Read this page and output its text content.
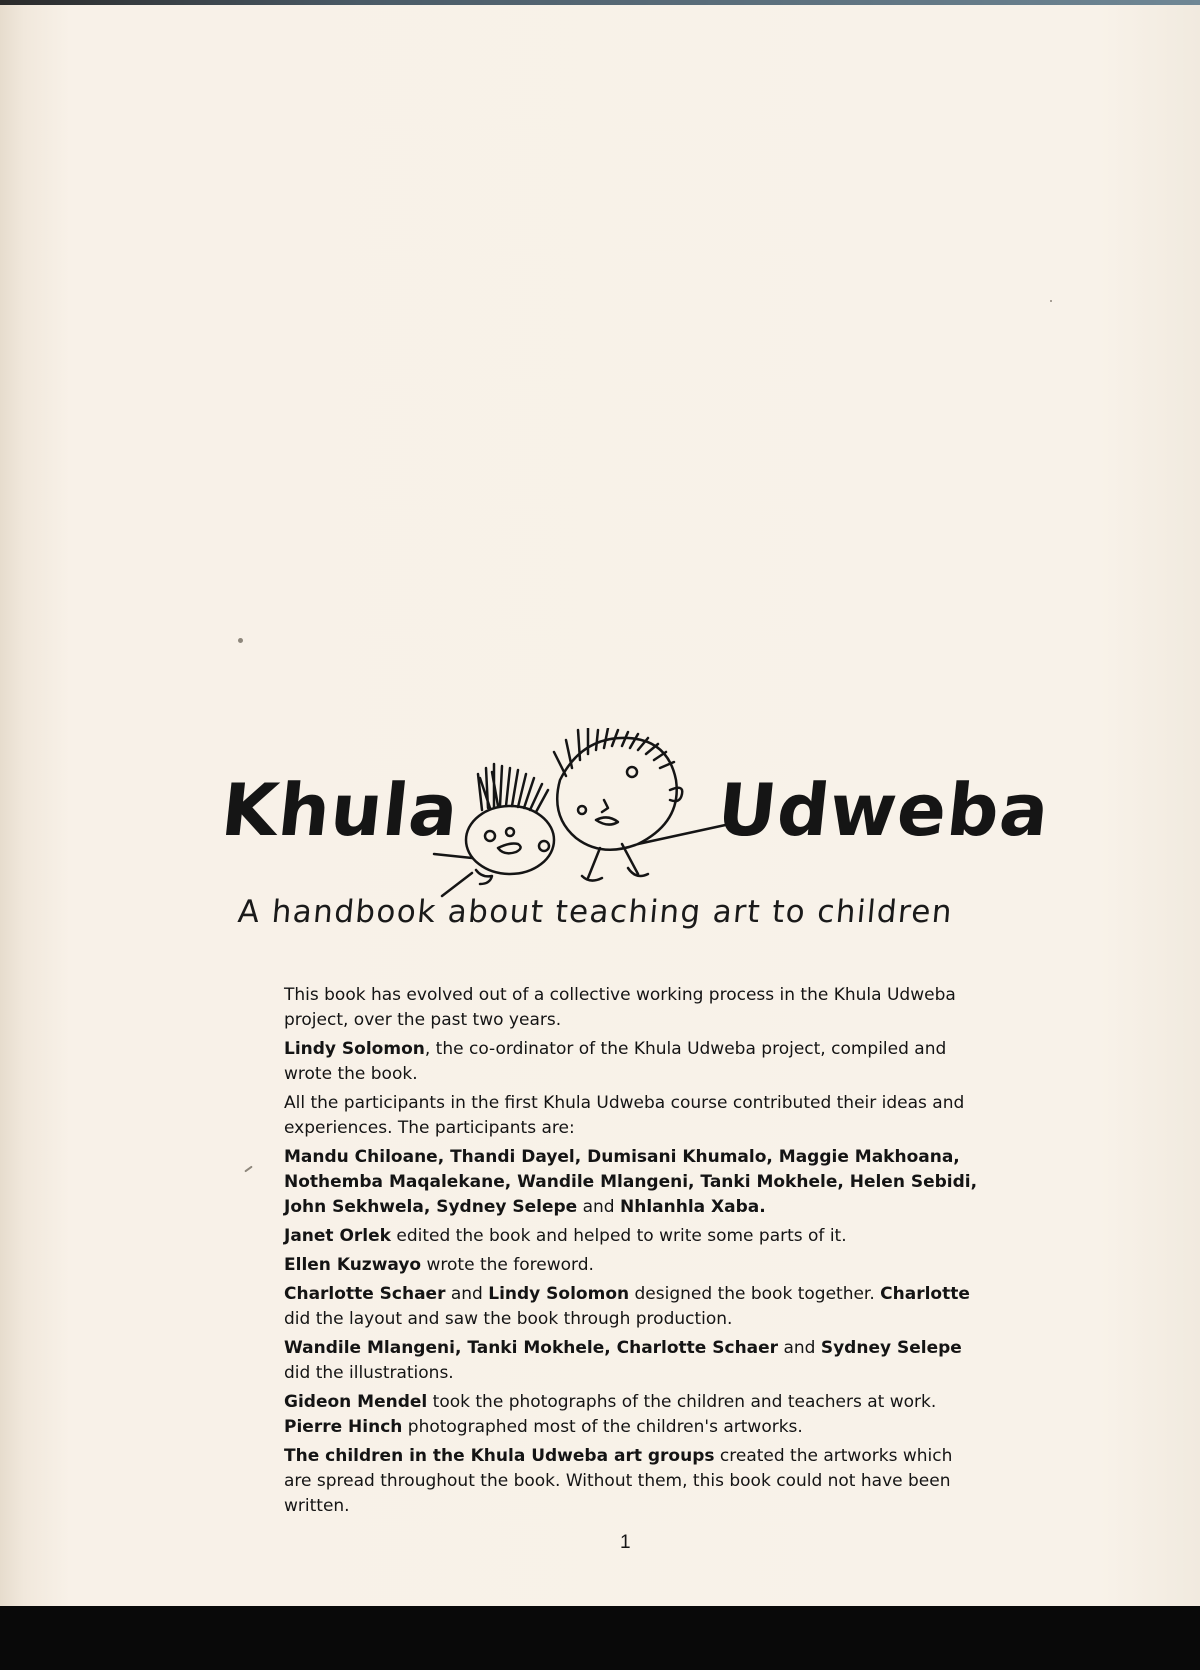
Khula	Udweba
A handbook about teaching art to children

This book has evolved out of a collective working process in the Khula Udweba project, over the past two years.

Lindy Solomon, the co-ordinator of the Khula Udweba project, compiled and wrote the book.

All the participants in the first Khula Udweba course contributed their ideas and experiences. The participants are:

Mandu Chiloane, Thandi Dayel, Dumisani Khumalo, Maggie Makhoana, Nothemba Maqalekane, Wandile Mlangeni, Tanki Mokhele, Helen Sebidi, John Sekhwela, Sydney Selepe and Nhlanhla Xaba.

Janet Orlek edited the book and helped to write some parts of it.

Ellen Kuzwayo wrote the foreword.

Charlotte Schaer and Lindy Solomon designed the book together. Charlotte did the layout and saw the book through production.

Wandile Mlangeni, Tanki Mokhele, Charlotte Schaer and Sydney Selepe did the illustrations.

Gideon Mendel took the photographs of the children and teachers at work. Pierre Hinch photographed most of the children's artworks.

The children in the Khula Udweba art groups created the artworks which are spread throughout the book. Without them, this book could not have been written.

1
